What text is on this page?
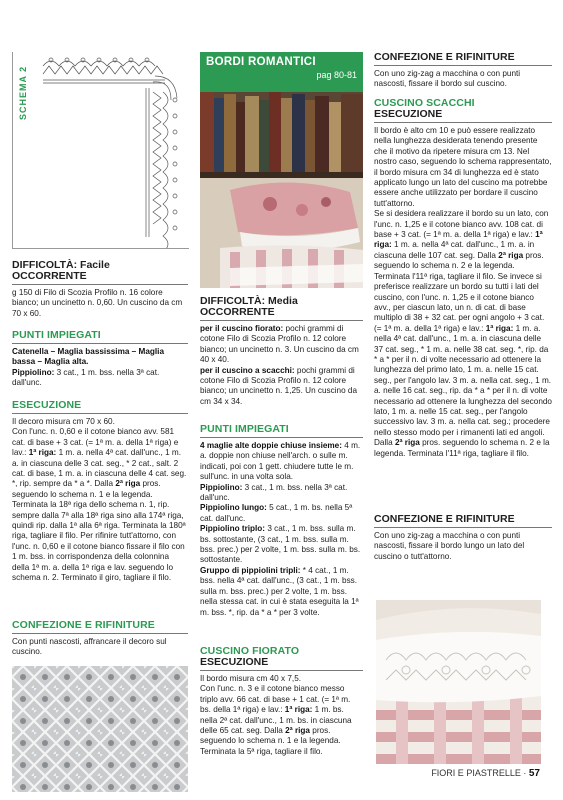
SCHEMA 2

DIFFICOLTÀ: Facile

OCCORRENTE

g 150 di Filo di Scozia Profilo n. 16 colore bianco; un uncinetto n. 0,60. Un cuscino da cm 70 x 60.

PUNTI IMPIEGATI

Catenella – Maglia bassissima – Maglia bassa – Maglia alta.

Pippiolino: 3 cat., 1 m. bss. nella 3ª cat. dall'unc.

ESECUZIONE

Il decoro misura cm 70 x 60.

Con l'unc. n. 0,60 e il cotone bianco avv. 581 cat. di base + 3 cat. (= 1ª m. a. della 1ª riga) e lav.: 1ª riga: 1 m. a. nella 4ª cat. dall'unc., 1 m. a. in ciascuna delle 3 cat. seg., * 2 cat., salt. 2 cat. di base, 1 m. a. in ciascuna delle 4 cat. seg. *, rip. sempre da * a *. Dalla 2ª riga pros. seguendo lo schema n. 1 e la legenda. Terminata la 18ª riga dello schema n. 1, rip. sempre dalla 7ª alla 18ª riga sino alla 174ª riga, quindi rip. dalla 1ª alla 6ª riga. Terminata la 180ª riga, tagliare il filo. Per rifinire tutt'attorno, con l'unc. n. 0,60 e il cotone bianco fissare il filo con 1 m. bss. in corrispondenza della colonnina della 1ª m. a. della 1ª riga e lav. seguendo lo schema n. 2. Terminato il giro, tagliare il filo.

CONFEZIONE E RIFINITURE

Con punti nascosti, affrancare il decoro sul cuscino.

BORDI ROMANTICI
pag 80-81

DIFFICOLTÀ: Media

OCCORRENTE

per il cuscino fiorato: pochi grammi di cotone Filo di Scozia Profilo n. 12 colore bianco; un uncinetto n. 3. Un cuscino da cm 40 x 40.

per il cuscino a scacchi: pochi grammi di cotone Filo di Scozia Profilo n. 12 colore bianco; un uncinetto n. 1,25. Un cuscino da cm 34 x 34.

PUNTI IMPIEGATI

4 maglie alte doppie chiuse insieme: 4 m. a. doppie non chiuse nell'arch. o sulle m. indicati, poi con 1 gett. chiudere tutte le m. sull'unc. in una volta sola.

Pippiolino: 3 cat., 1 m. bss. nella 3ª cat. dall'unc.

Pippiolino lungo: 5 cat., 1 m. bs. nella 5ª cat. dall'unc.

Pippiolino triplo: 3 cat., 1 m. bss. sulla m. bs. sottostante, (3 cat., 1 m. bss. sulla m. bss. prec.) per 2 volte, 1 m. bss. sulla m. bs. sottostante.

Gruppo di pippiolini tripli: * 4 cat., 1 m. bss. nella 4ª cat. dall'unc., (3 cat., 1 m. bss. sulla m. bss. prec.) per 2 volte, 1 m. bss. nella stessa cat. in cui è stata eseguita la 1ª m. bss. *, rip. da * a * per 3 volte.

CUSCINO FIORATO

ESECUZIONE

Il bordo misura cm 40 x 7,5.

Con l'unc. n. 3 e il cotone bianco messo triplo avv. 66 cat. di base + 1 cat. (= 1ª m. bs. della 1ª riga) e lav.: 1ª riga: 1 m. bs. nella 2ª cat. dall'unc., 1 m. bs. in ciascuna delle 65 cat. seg. Dalla 2ª riga pros. seguendo lo schema n. 1 e la legenda. Terminata la 5ª riga, tagliare il filo.

CONFEZIONE E RIFINITURE

Con uno zig-zag a macchina o con punti nascosti, fissare il bordo sul cuscino.

CUSCINO SCACCHI

ESECUZIONE

Il bordo è alto cm 10 e può essere realizzato nella lunghezza desiderata tenendo presente che il motivo da ripetere misura cm 13. Nel nostro caso, seguendo lo schema rappresentato, il bordo misura cm 34 di lunghezza ed è stato applicato lungo un lato del cuscino ma potrebbe essere anche utilizzato per bordare il cuscino tutt'attorno.

Se si desidera realizzare il bordo su un lato, con l'unc. n. 1,25 e il cotone bianco avv. 108 cat. di base + 3 cat. (= 1ª m. a. della 1ª riga) e lav.: 1ª riga: 1 m. a. nella 4ª cat. dall'unc., 1 m. a. in ciascuna delle 107 cat. seg. Dalla 2ª riga pros. seguendo lo schema n. 2 e la legenda. Terminata l'11ª riga, tagliare il filo. Se invece si preferisce realizzare un bordo su tutti i lati del cuscino, con l'unc. n. 1,25 e il cotone bianco avv., per ciascun lato, un n. di cat. di base multiplo di 38 + 32 cat. per ogni angolo + 3 cat. (= 1ª m. a. della 1ª riga) e lav.: 1ª riga: 1 m. a. nella 4ª cat. dall'unc., 1 m. a. in ciascuna delle 37 cat. seg., * 1 m. a. nelle 38 cat. seg. *, rip. da * a * per il n. di volte necessario ad ottenere la lunghezza del primo lato, 1 m. a. nelle 15 cat. seg., per l'angolo lav. 3 m. a. nella cat. seg., 1 m. a. nelle 16 cat. seg., rip. da * a * per il n. di volte necessario ad ottenere la lunghezza del secondo lato, 1 m. a. nelle 15 cat. seg., per l'angolo successivo lav. 3 m. a. nella cat. seg.; procedere nello stesso modo per i rimanenti lati ed angoli. Dalla 2ª riga pros. seguendo lo schema n. 2 e la legenda. Terminata l'11ª riga, tagliare il filo.

CONFEZIONE E RIFINITURE

Con uno zig-zag a macchina o con punti nascosti, fissare il bordo lungo un lato del cuscino o tutt'attorno.

FIORI E PIASTRELLE · 57
